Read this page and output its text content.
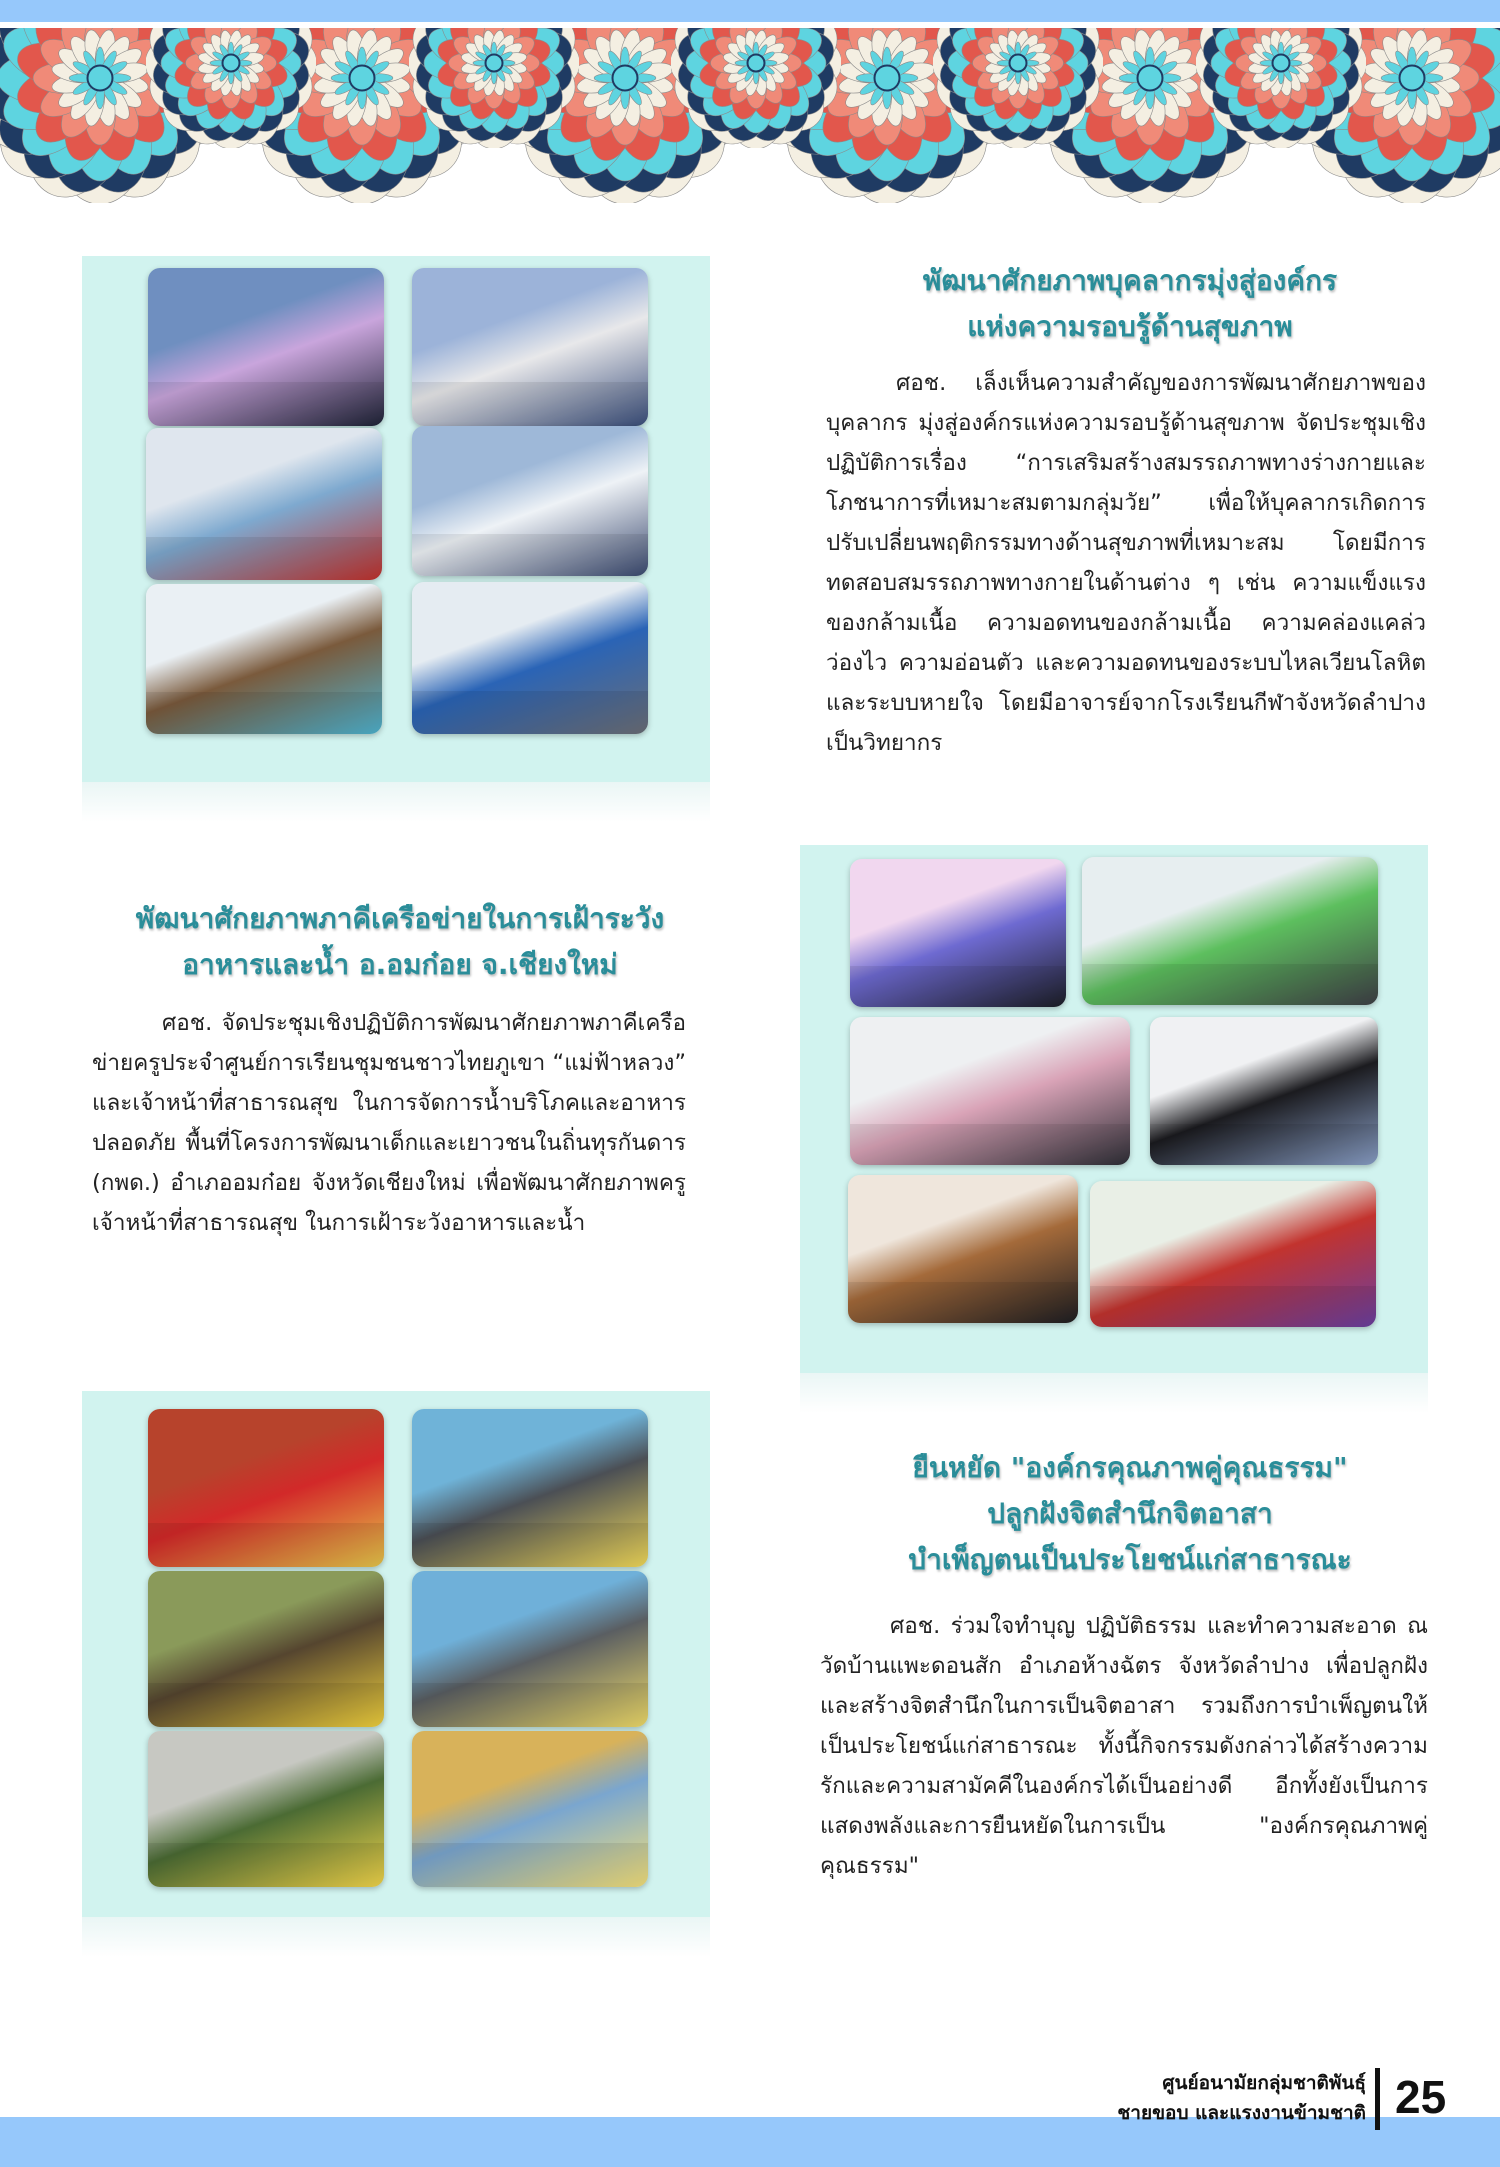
พัฒนาศักยภาพบุคลากรมุ่งสู่องค์กร
แห่งความรอบรู้ด้านสุขภาพ
ศอช. เล็งเห็นความสำคัญของการพัฒนาศักยภาพของบุคลากร มุ่งสู่องค์กรแห่งความรอบรู้ด้านสุขภาพ จัดประชุมเชิงปฏิบัติการเรื่อง “การเสริมสร้างสมรรถภาพทางร่างกายและโภชนาการที่เหมาะสมตามกลุ่มวัย” เพื่อให้บุคลากรเกิดการปรับเปลี่ยนพฤติกรรมทางด้านสุขภาพที่เหมาะสม โดยมีการทดสอบสมรรถภาพทางกายในด้านต่าง ๆ เช่น ความแข็งแรงของกล้ามเนื้อ ความอดทนของกล้ามเนื้อ ความคล่องแคล่วว่องไว ความอ่อนตัว และความอดทนของระบบไหลเวียนโลหิตและระบบหายใจ โดยมีอาจารย์จากโรงเรียนกีฬาจังหวัดลำปาง เป็นวิทยากร
พัฒนาศักยภาพภาคีเครือข่ายในการเฝ้าระวัง
อาหารและน้ำ อ.อมก๋อย จ.เชียงใหม่
ศอช. จัดประชุมเชิงปฏิบัติการพัฒนาศักยภาพภาคีเครือข่ายครูประจำศูนย์การเรียนชุมชนชาวไทยภูเขา “แม่ฟ้าหลวง” และเจ้าหน้าที่สาธารณสุข ในการจัดการน้ำบริโภคและอาหารปลอดภัย พื้นที่โครงการพัฒนาเด็กและเยาวชนในถิ่นทุรกันดาร (กพด.) อำเภออมก๋อย จังหวัดเชียงใหม่ เพื่อพัฒนาศักยภาพครู เจ้าหน้าที่สาธารณสุข ในการเฝ้าระวังอาหารและน้ำ
ยืนหยัด "องค์กรคุณภาพคู่คุณธรรม"
ปลูกฝังจิตสำนึกจิตอาสา
บำเพ็ญตนเป็นประโยชน์แก่สาธารณะ
ศอช. ร่วมใจทำบุญ ปฏิบัติธรรม และทำความสะอาด ณ วัดบ้านแพะดอนสัก อำเภอห้างฉัตร จังหวัดลำปาง เพื่อปลูกฝังและสร้างจิตสำนึกในการเป็นจิตอาสา รวมถึงการบำเพ็ญตนให้เป็นประโยชน์แก่สาธารณะ ทั้งนี้กิจกรรมดังกล่าวได้สร้างความรักและความสามัคคีในองค์กรได้เป็นอย่างดี อีกทั้งยังเป็นการแสดงพลังและการยืนหยัดในการเป็น "องค์กรคุณภาพคู่คุณธรรม"
ศูนย์อนามัยกลุ่มชาติพันธุ์
ชายขอบ และแรงงานข้ามชาติ 25
